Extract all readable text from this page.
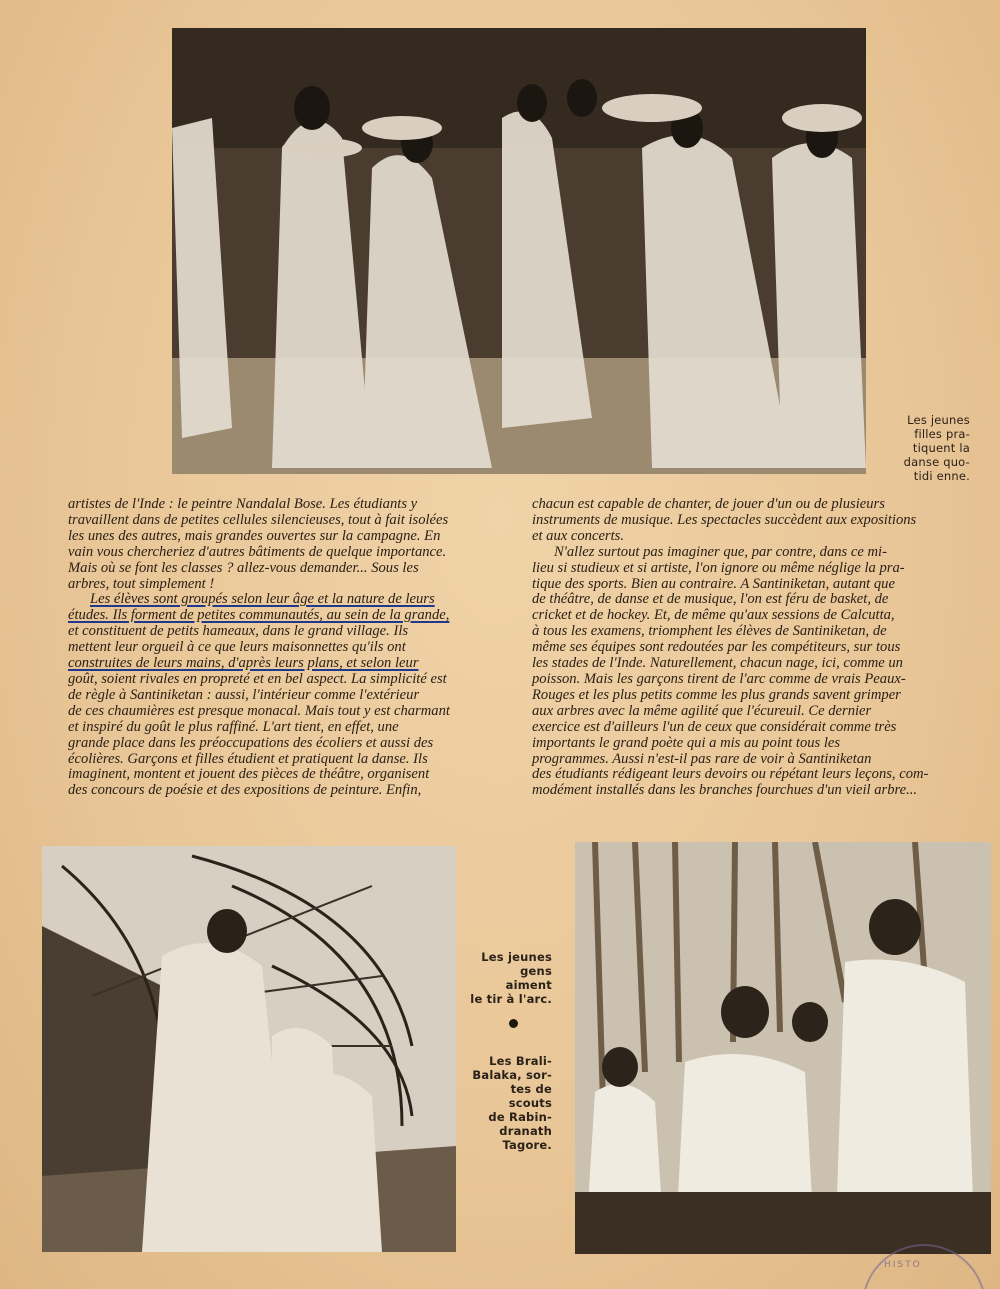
Les jeunes
filles pra-
tiquent la
danse quo-
tidi enne.
artistes de l'Inde : le peintre Nandalal Bose. Les étudiants y
travaillent dans de petites cellules silencieuses, tout à fait isolées
les unes des autres, mais grandes ouvertes sur la campagne. En
vain vous chercheriez d'autres bâtiments de quelque importance.
Mais où se font les classes ? allez-vous demander... Sous les
arbres, tout simplement !
Les élèves sont groupés selon leur âge et la nature de leurs
études. Ils forment de petites communautés, au sein de la grande,
et constituent de petits hameaux, dans le grand village. Ils
mettent leur orgueil à ce que leurs maisonnettes qu'ils ont
construites de leurs mains, d'après leurs plans, et selon leur
goût, soient rivales en propreté et en bel aspect. La simplicité est
de règle à Santiniketan : aussi, l'intérieur comme l'extérieur
de ces chaumières est presque monacal. Mais tout y est charmant
et inspiré du goût le plus raffiné. L'art tient, en effet, une
grande place dans les préoccupations des écoliers et aussi des
écolières. Garçons et filles étudient et pratiquent la danse. Ils
imaginent, montent et jouent des pièces de théâtre, organisent
des concours de poésie et des expositions de peinture. Enfin,
chacun est capable de chanter, de jouer d'un ou de plusieurs
instruments de musique. Les spectacles succèdent aux expositions
et aux concerts.
N'allez surtout pas imaginer que, par contre, dans ce mi-
lieu si studieux et si artiste, l'on ignore ou même néglige la pra-
tique des sports. Bien au contraire. A Santiniketan, autant que
de théâtre, de danse et de musique, l'on est féru de basket, de
cricket et de hockey. Et, de même qu'aux sessions de Calcutta,
à tous les examens, triomphent les élèves de Santiniketan, de
même ses équipes sont redoutées par les compétiteurs, sur tous
les stades de l'Inde. Naturellement, chacun nage, ici, comme un
poisson. Mais les garçons tirent de l'arc comme de vrais Peaux-
Rouges et les plus petits comme les plus grands savent grimper
aux arbres avec la même agilité que l'écureuil. Ce dernier
exercice est d'ailleurs l'un de ceux que considérait comme très
importants le grand poète qui a mis au point tous les
programmes. Aussi n'est-il pas rare de voir à Santiniketan
des étudiants rédigeant leurs devoirs ou répétant leurs leçons, com-
modément installés dans les branches fourchues d'un vieil arbre...
Les jeunes
gens aiment
le tir à l'arc.
Les Brali-
Balaka, sor-
tes de scouts
de Rabin-
dranath
Tagore.
HISTO
